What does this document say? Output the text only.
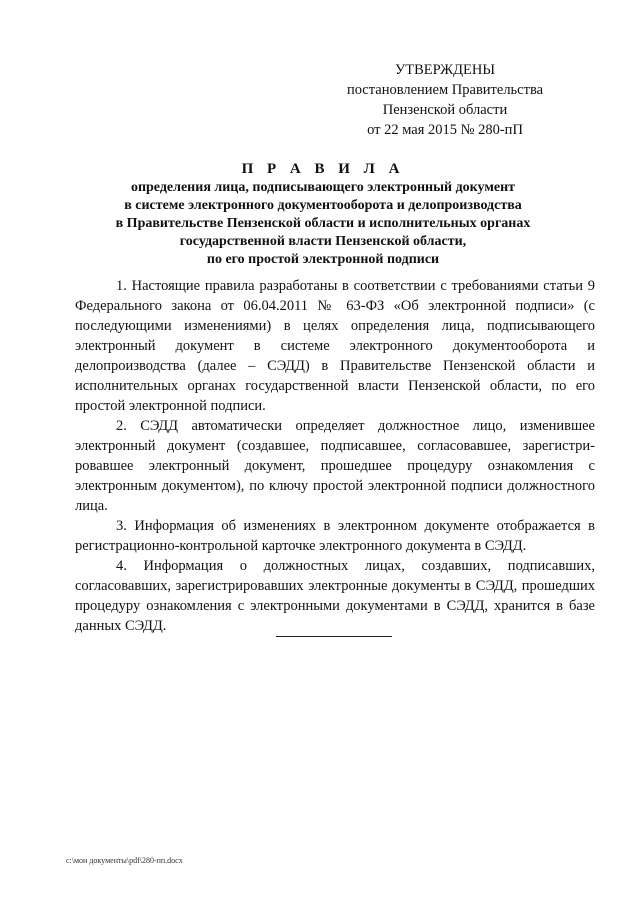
УТВЕРЖДЕНЫ
постановлением Правительства
Пензенской области
от 22 мая 2015 № 280-пП
П Р А В И Л А
определения лица, подписывающего электронный документ
в системе электронного документооборота и делопроизводства
в Правительстве Пензенской области и исполнительных органах
государственной власти Пензенской области,
по его простой электронной подписи

1. Настоящие правила разработаны в соответствии с требованиями статьи 9 Федерального закона от 06.04.2011 № 63-ФЗ «Об электронной подписи» (с последующими изменениями) в целях определения лица, подписывающего электронный документ в системе электронного документооборота и делопроизводства (далее – СЭДД) в Правительстве Пензенской области и исполнительных органах государственной власти Пензенской области, по его простой электронной подписи.

2. СЭДД автоматически определяет должностное лицо, изменившее электронный документ (создавшее, подписавшее, согласовавшее, зарегистрировавшее электронный документ, прошедшее процедуру ознакомления с электронным документом), по ключу простой электронной подписи должностного лица.

3. Информация об изменениях в электронном документе отображается в регистрационно-контрольной карточке электронного документа в СЭДД.

4. Информация о должностных лицах, создавших, подписавших, согласовавших, зарегистрировавших электронные документы в СЭДД, прошедших процедуру ознакомления с электронными документами в СЭДД, хранится в базе данных СЭДД.

c:\мои документы\pdf\280-пп.docx
